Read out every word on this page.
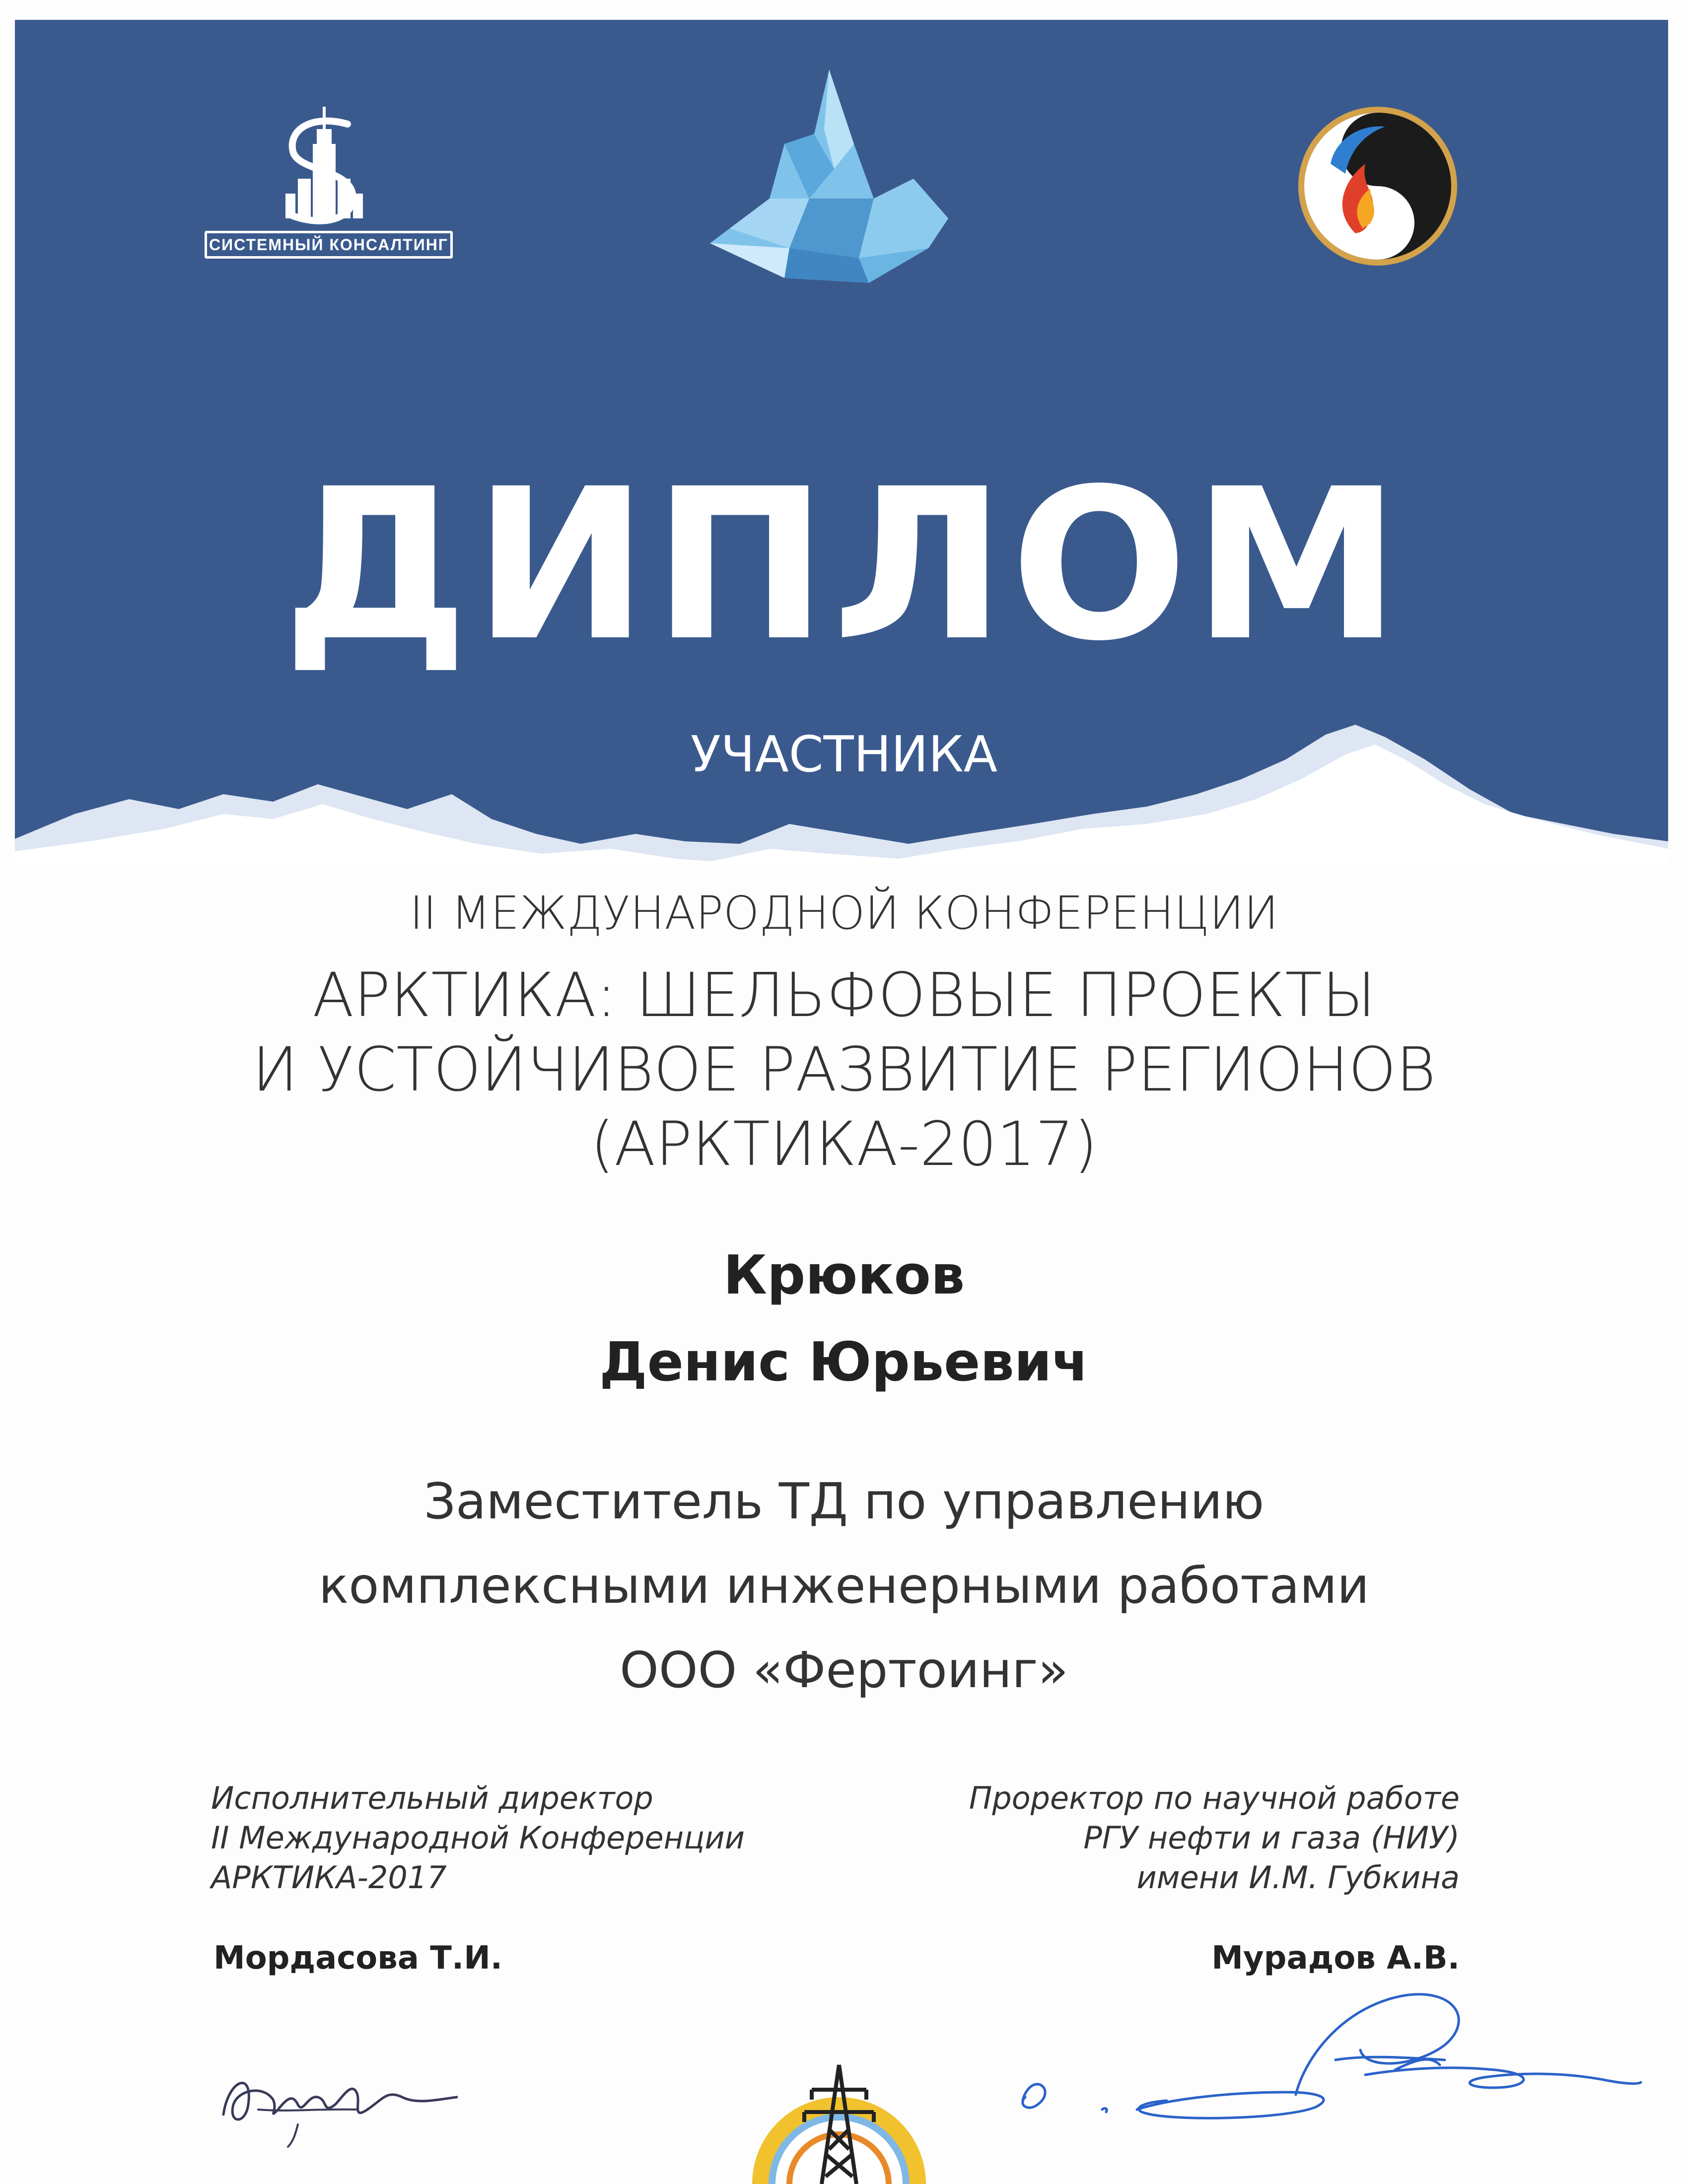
СИСТЕМНЫЙ КОНСАЛТИНГ
ДИПЛОМ
УЧАСТНИКА
II МЕЖДУНАРОДНОЙ КОНФЕРЕНЦИИ
АРКТИКА: ШЕЛЬФОВЫЕ ПРОЕКТЫ
И УСТОЙЧИВОЕ РАЗВИТИЕ РЕГИОНОВ
(АРКТИКА-2017)
Крюков
Денис Юрьевич
Заместитель ТД по управлению
комплексными инженерными работами
ООО «Фертоинг»
Исполнительный директор
II Международной Конференции
АРКТИКА-2017
Мордасова Т.И.
Проректор по научной работе
РГУ нефти и газа (НИУ)
имени И.М. Губкина
Мурадов А.В.
